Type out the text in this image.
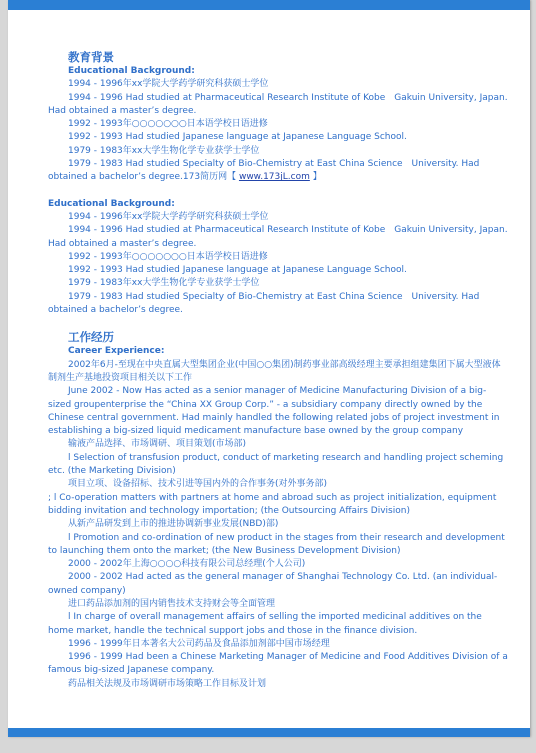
教育背景
Educational Background:
1994 - 1996年xx学院大学药学研究科获硕士学位
1994 - 1996 Had studied at Pharmaceutical Research Institute of Kobe　Gakuin University, Japan. Had obtained a master’s degree.
1992 - 1993年○○○○○○○日本语学校日语进修
1992 - 1993 Had studied Japanese language at Japanese Language School.
1979 - 1983年xx大学生物化学专业获学士学位
1979 - 1983 Had studied Specialty of Bio-Chemistry at East China Science　University. Had obtained a bachelor’s degree.173简历网【 www.173jL.com 】
Educational Background:
1994 - 1996年xx学院大学药学研究科获硕士学位
1994 - 1996 Had studied at Pharmaceutical Research Institute of Kobe　Gakuin University, Japan. Had obtained a master’s degree.
1992 - 1993年○○○○○○○日本语学校日语进修
1992 - 1993 Had studied Japanese language at Japanese Language School.
1979 - 1983年xx大学生物化学专业获学士学位
1979 - 1983 Had studied Specialty of Bio-Chemistry at East China Science　University. Had obtained a bachelor’s degree.
工作经历
Career Experience:
2002年6月-至现在中央直属大型集团企业(中国○○集团)制药事业部高级经理主要承担组建集团下属大型液体制剂生产基地投资项目相关以下工作
June 2002 - Now Has acted as a senior manager of Medicine Manufacturing Division of a big-sized groupenterprise the “China XX Group Corp.” - a subsidiary company directly owned by the Chinese central government. Had mainly handled the following related jobs of project investment in establishing a big-sized liquid medicament manufacture base owned by the group company
输液产品选择、市场调研、项目策划(市场部)
l Selection of transfusion product, conduct of marketing research and handling project scheming etc. (the Marketing Division)
项目立项、设备招标、技术引进等国内外的合作事务(对外事务部)
; l Co-operation matters with partners at home and abroad such as project initialization, equipment bidding invitation and technology importation; (the Outsourcing Affairs Division)
从新产品研发到上市的推进协调新事业发展(NBD)部)
l Promotion and co-ordination of new product in the stages from their research and development to launching them onto the market; (the New Business Development Division)
2000 - 2002年上海○○○○科技有限公司总经理(个人公司)
2000 - 2002 Had acted as the general manager of Shanghai Technology Co. Ltd. (an individual-owned company)
进口药品添加剂的国内销售技术支持财会等全面管理
l In charge of overall management affairs of selling the imported medicinal additives on the home market, handle the technical support jobs and those in the finance division.
1996 - 1999年日本著名大公司药品及食品添加剂部中国市场经理
1996 - 1999 Had been a Chinese Marketing Manager of Medicine and Food Additives Division of a famous big-sized Japanese company.
药品相关法规及市场调研市场策略工作目标及计划
